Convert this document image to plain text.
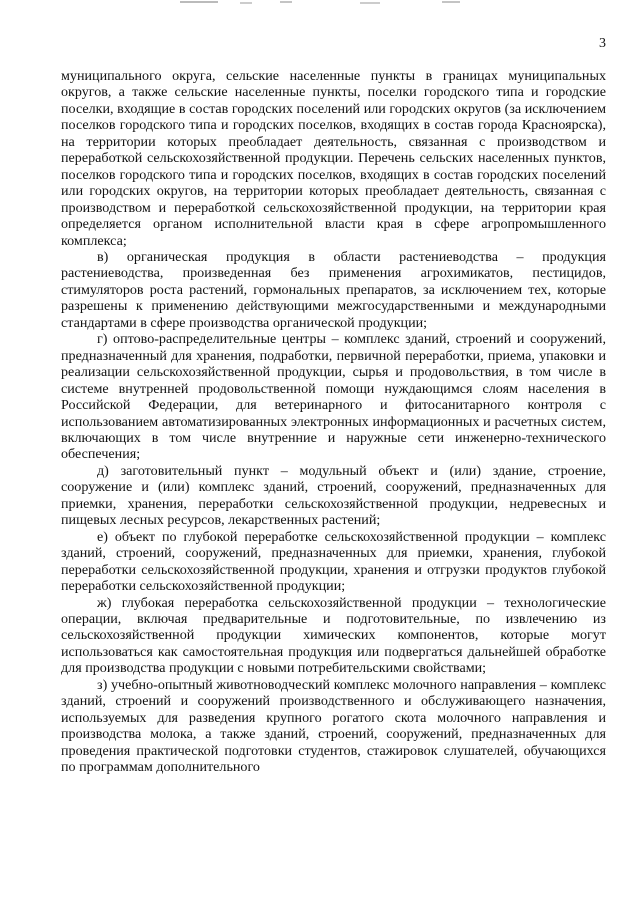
3

муниципального округа, сельские населенные пункты в границах муниципальных округов, а также сельские населенные пункты, поселки городского типа и городские поселки, входящие в состав городских поселений или городских округов (за исключением поселков городского типа и городских поселков, входящих в состав города Красноярска), на территории которых преобладает деятельность, связанная с производством и переработкой сельскохозяйственной продукции. Перечень сельских населенных пунктов, поселков городского типа и городских поселков, входящих в состав городских поселений или городских округов, на территории которых преобладает деятельность, связанная с производством и переработкой сельскохозяйственной продукции, на территории края определяется органом исполнительной власти края в сфере агропромышленного комплекса;

в) органическая продукция в области растениеводства – продукция растениеводства, произведенная без применения агрохимикатов, пестицидов, стимуляторов роста растений, гормональных препаратов, за исключением тех, которые разрешены к применению действующими межгосударственными и международными стандартами в сфере производства органической продукции;

г) оптово-распределительные центры – комплекс зданий, строений и сооружений, предназначенный для хранения, подработки, первичной переработки, приема, упаковки и реализации сельскохозяйственной продукции, сырья и продовольствия, в том числе в системе внутренней продовольственной помощи нуждающимся слоям населения в Российской Федерации, для ветеринарного и фитосанитарного контроля с использованием автоматизированных электронных информационных и расчетных систем, включающих в том числе внутренние и наружные сети инженерно-технического обеспечения;

д) заготовительный пункт – модульный объект и (или) здание, строение, сооружение и (или) комплекс зданий, строений, сооружений, предназначенных для приемки, хранения, переработки сельскохозяйственной продукции, недревесных и пищевых лесных ресурсов, лекарственных растений;

е) объект по глубокой переработке сельскохозяйственной продукции – комплекс зданий, строений, сооружений, предназначенных для приемки, хранения, глубокой переработки сельскохозяйственной продукции, хранения и отгрузки продуктов глубокой переработки сельскохозяйственной продукции;

ж) глубокая переработка сельскохозяйственной продукции – технологические операции, включая предварительные и подготовительные, по извлечению из сельскохозяйственной продукции химических компонентов, которые могут использоваться как самостоятельная продукция или подвергаться дальнейшей обработке для производства продукции с новыми потребительскими свойствами;

з) учебно-опытный животноводческий комплекс молочного направления – комплекс зданий, строений и сооружений производственного и обслуживающего назначения, используемых для разведения крупного рогатого скота молочного направления и производства молока, а также зданий, строений, сооружений, предназначенных для проведения практической подготовки студентов, стажировок слушателей, обучающихся по программам дополнительного
